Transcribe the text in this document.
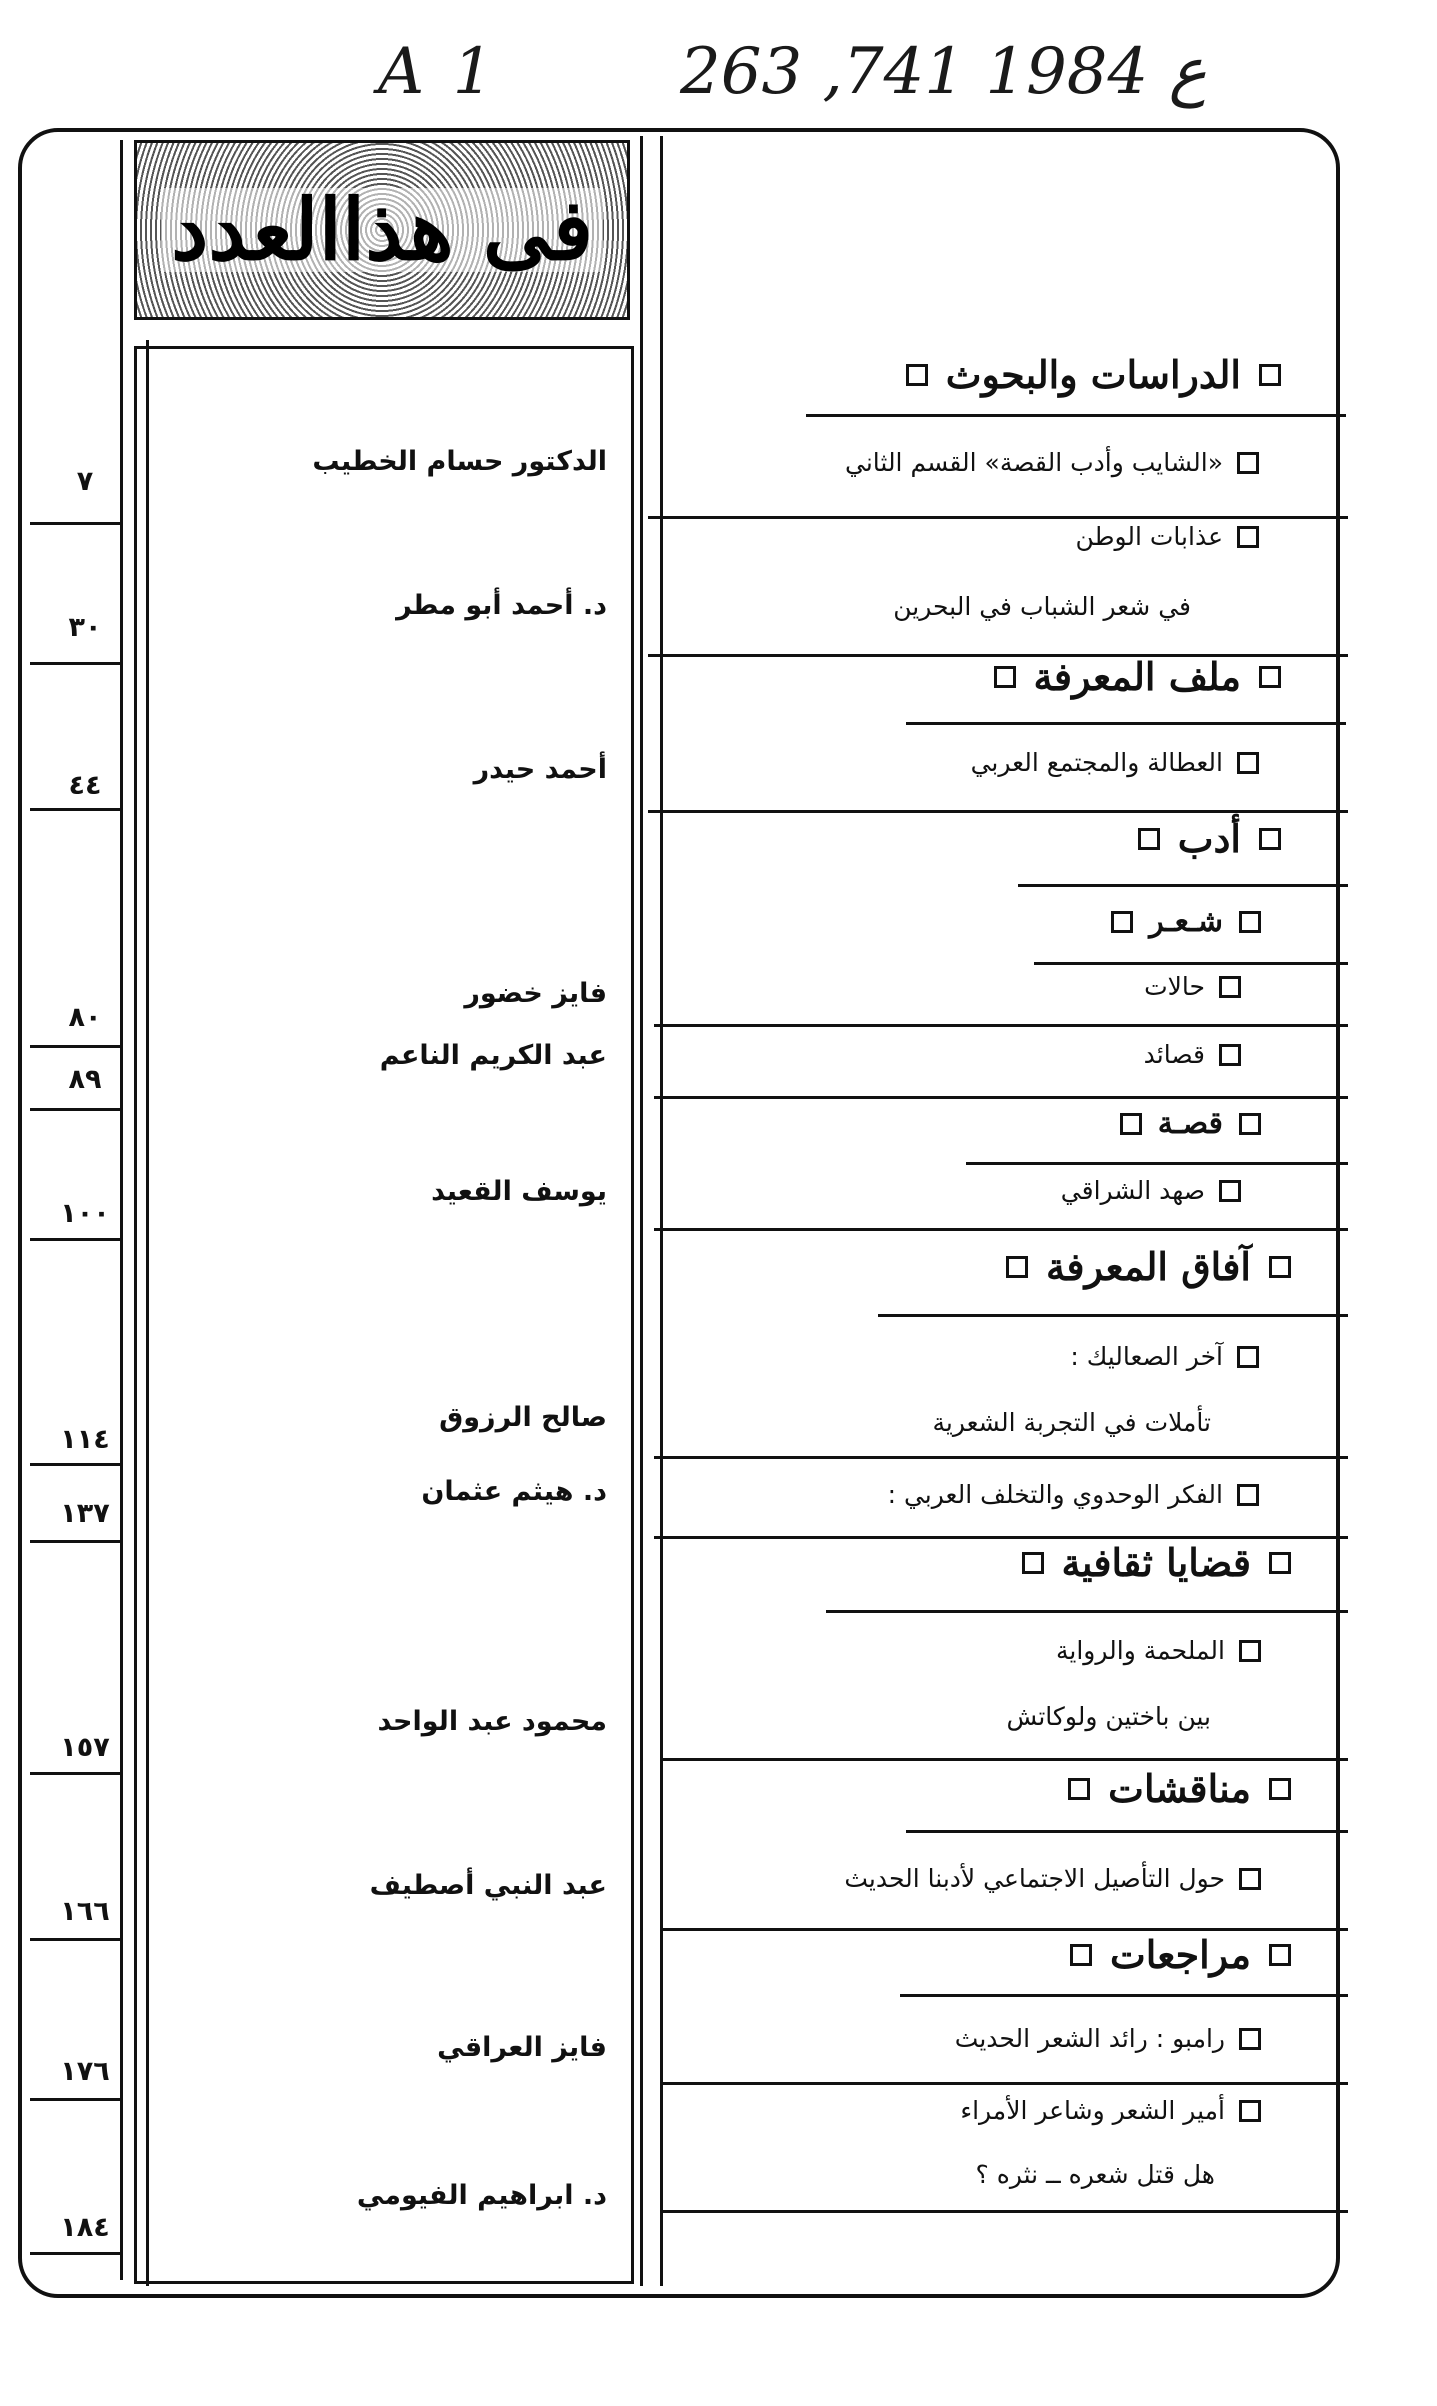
A 1	263 ,ع 1984 741
فى هذاالعدد
٧
٣٠
٤٤
٨٠
٨٩
١٠٠
١١٤
١٣٧
١٥٧
١٦٦
١٧٦
١٨٤
الدكتور حسام الخطيب
د. أحمد أبو مطر
أحمد حيدر
فايز خضور
عبد الكريم الناعم
يوسف القعيد
صالح الرزوق
د. هيثم عثمان
محمود عبد الواحد
عبد النبي أصطيف
فايز العراقي
د. ابراهيم الفيومي
الدراسات والبحوث
«الشايب وأدب القصة» القسم الثاني
عذابات الوطن
في شعر الشباب في البحرين
ملف المعرفة
العطالة والمجتمع العربي
أدب
شـعـر
حالات
قصائد
قصـة
صهد الشراقي
آفاق المعرفة
آخر الصعاليك :
تأملات في التجربة الشعرية
الفكر الوحدوي والتخلف العربي :
قضايا ثقافية
الملحمة والرواية
بين باختين ولوكاتش
مناقشات
حول التأصيل الاجتماعي لأدبنا الحديث
مراجعات
رامبو : رائد الشعر الحديث
أمير الشعر وشاعر الأمراء
هل قتل شعره ــ نثره ؟
